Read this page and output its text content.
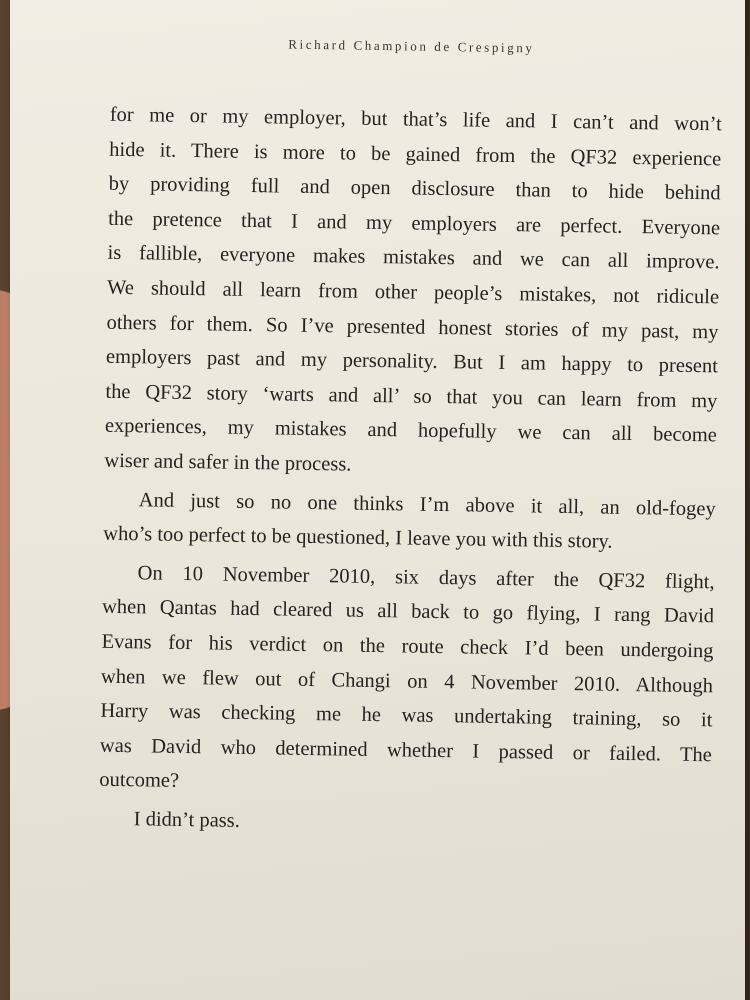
Richard Champion de Crespigny
for me or my employer, but that’s life and I can’t and won’t
hide it. There is more to be gained from the QF32 experience
by providing full and open disclosure than to hide behind
the pretence that I and my employers are perfect. Everyone
is fallible, everyone makes mistakes and we can all improve.
We should all learn from other people’s mistakes, not ridicule
others for them. So I’ve presented honest stories of my past, my
employers past and my personality. But I am happy to present
the QF32 story ‘warts and all’ so that you can learn from my
experiences, my mistakes and hopefully we can all become
wiser and safer in the process.
And just so no one thinks I’m above it all, an old-fogey
who’s too perfect to be questioned, I leave you with this story.
On 10 November 2010, six days after the QF32 flight,
when Qantas had cleared us all back to go flying, I rang David
Evans for his verdict on the route check I’d been undergoing
when we flew out of Changi on 4 November 2010. Although
Harry was checking me he was undertaking training, so it
was David who determined whether I passed or failed. The
outcome?
I didn’t pass.
